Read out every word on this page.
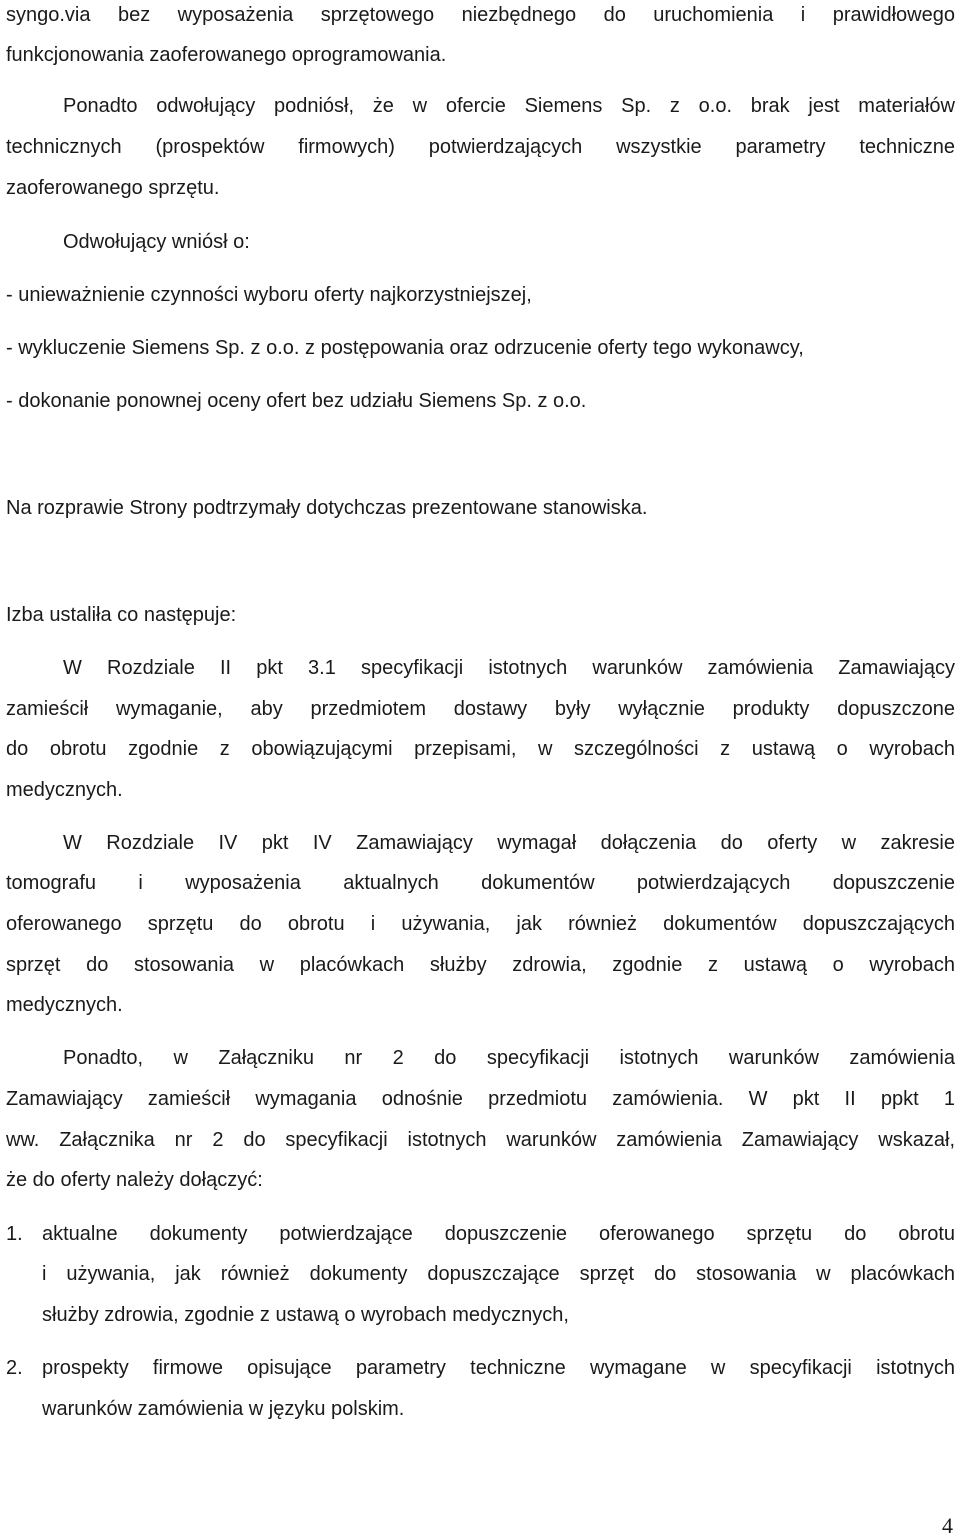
syngo.via bez wyposażenia sprzętowego niezbędnego do uruchomienia i prawidłowego
funkcjonowania zaoferowanego oprogramowania.
Ponadto odwołujący podniósł, że w ofercie Siemens Sp. z o.o. brak jest materiałów
technicznych (prospektów firmowych) potwierdzających wszystkie parametry techniczne
zaoferowanego sprzętu.
Odwołujący wniósł o:
- unieważnienie czynności wyboru oferty najkorzystniejszej,
- wykluczenie Siemens Sp. z o.o. z postępowania oraz odrzucenie oferty tego wykonawcy,
- dokonanie ponownej oceny ofert bez udziału Siemens Sp. z o.o.
Na rozprawie Strony podtrzymały dotychczas prezentowane stanowiska.
Izba ustaliła co następuje:
W Rozdziale II pkt 3.1 specyfikacji istotnych warunków zamówienia Zamawiający
zamieścił wymaganie, aby przedmiotem dostawy były wyłącznie produkty dopuszczone
do obrotu zgodnie z obowiązującymi przepisami, w szczególności z ustawą o wyrobach
medycznych.
W Rozdziale IV pkt IV Zamawiający wymagał dołączenia do oferty w zakresie
tomografu i wyposażenia aktualnych dokumentów potwierdzających dopuszczenie
oferowanego sprzętu do obrotu i używania, jak również dokumentów dopuszczających
sprzęt do stosowania w placówkach służby zdrowia, zgodnie z ustawą o wyrobach
medycznych.
Ponadto, w Załączniku nr 2 do specyfikacji istotnych warunków zamówienia
Zamawiający zamieścił wymagania odnośnie przedmiotu zamówienia. W pkt II ppkt 1
ww. Załącznika nr 2 do specyfikacji istotnych warunków zamówienia Zamawiający wskazał,
że do oferty należy dołączyć:
1. aktualne dokumenty potwierdzające dopuszczenie oferowanego sprzętu do obrotu
i używania, jak również dokumenty dopuszczające sprzęt do stosowania w placówkach
służby zdrowia, zgodnie z ustawą o wyrobach medycznych,
2. prospekty firmowe opisujące parametry techniczne wymagane w specyfikacji istotnych
warunków zamówienia w języku polskim.
4
